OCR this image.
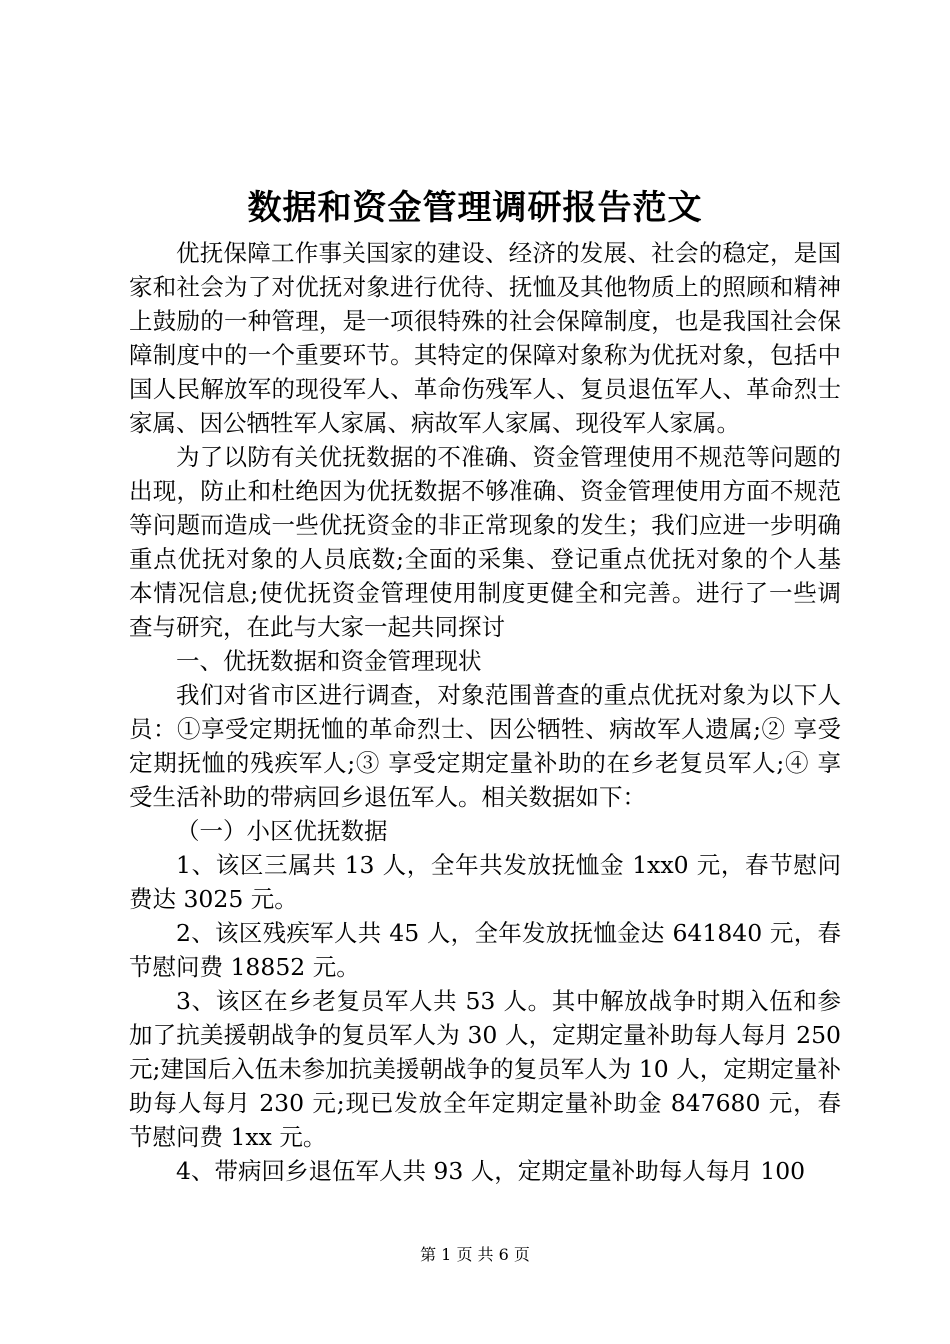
数据和资金管理调研报告范文

优抚保障工作事关国家的建设、经济的发展、社会的稳定，是国家和社会为了对优抚对象进行优待、抚恤及其他物质上的照顾和精神上鼓励的一种管理，是一项很特殊的社会保障制度，也是我国社会保障制度中的一个重要环节。其特定的保障对象称为优抚对象，包括中国人民解放军的现役军人、革命伤残军人、复员退伍军人、革命烈士家属、因公牺牲军人家属、病故军人家属、现役军人家属。

为了以防有关优抚数据的不准确、资金管理使用不规范等问题的出现，防止和杜绝因为优抚数据不够准确、资金管理使用方面不规范等问题而造成一些优抚资金的非正常现象的发生；我们应进一步明确重点优抚对象的人员底数;全面的采集、登记重点优抚对象的个人基本情况信息;使优抚资金管理使用制度更健全和完善。进行了一些调查与研究，在此与大家一起共同探讨

一、优抚数据和资金管理现状

我们对省市区进行调查，对象范围普查的重点优抚对象为以下人员：①享受定期抚恤的革命烈士、因公牺牲、病故军人遗属;② 享受定期抚恤的残疾军人;③ 享受定期定量补助的在乡老复员军人;④ 享受生活补助的带病回乡退伍军人。相关数据如下：

（一）小区优抚数据

1、该区三属共 13 人，全年共发放抚恤金 1xx0 元，春节慰问费达 3025 元。

2、该区残疾军人共 45 人，全年发放抚恤金达 641840 元，春节慰问费 18852 元。

3、该区在乡老复员军人共 53 人。其中解放战争时期入伍和参加了抗美援朝战争的复员军人为 30 人，定期定量补助每人每月 250 元;建国后入伍未参加抗美援朝战争的复员军人为 10 人，定期定量补助每人每月 230 元;现已发放全年定期定量补助金 847680 元，春节慰问费 1xx 元。

4、带病回乡退伍军人共 93 人，定期定量补助每人每月 100

第 1 页 共 6 页
